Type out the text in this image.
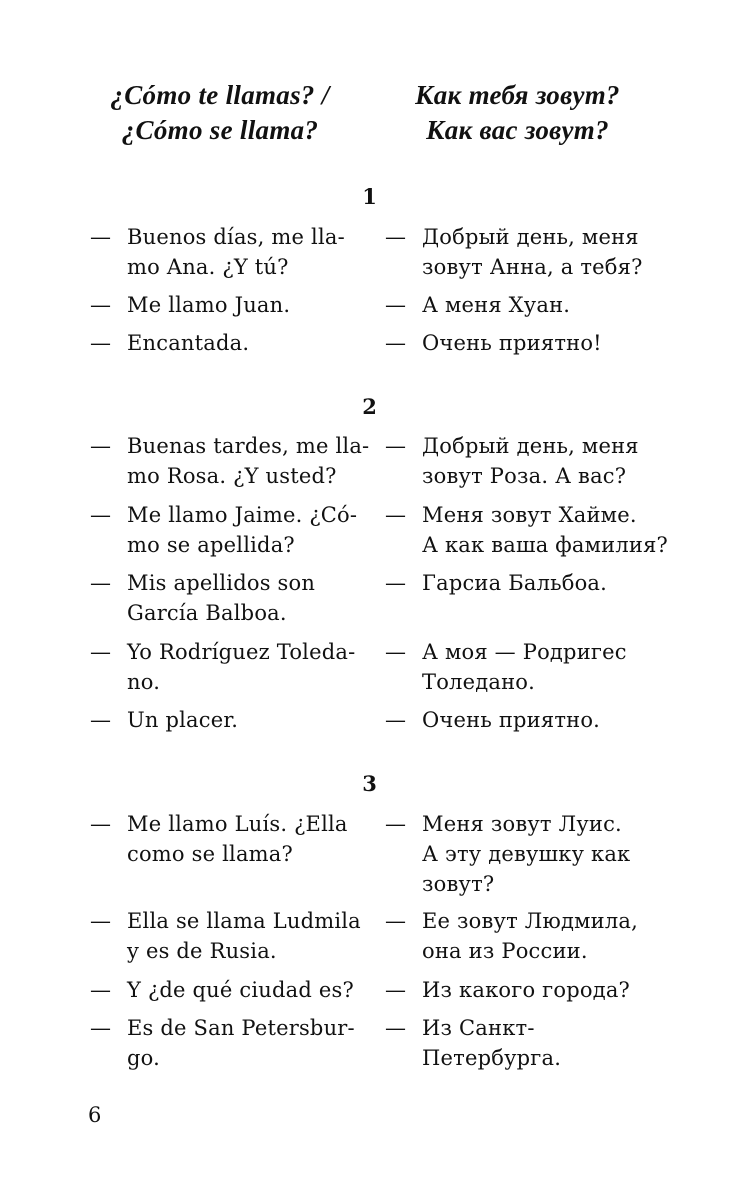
¿Cómo te llamas? /
¿Cómo se llama?
Как тебя зовут?
Как вас зовут?
1
— Buenos días, me lla-
mo Ana. ¿Y tú?
— Добрый день, меня
зовут Анна, а тебя?
— Me llamo Juan.	— А меня Хуан.
— Encantada.	— Очень приятно!
2
— Buenas tardes, me lla-
mo Rosa. ¿Y usted?
— Добрый день, меня
зовут Роза. А вас?
— Me llamo Jaime. ¿Có-
mo se apellida?
— Меня зовут Хайме.
А как ваша фамилия?
— Mis apellidos son
García Balboa.
— Гарсиа Бальбоа.
— Yo Rodríguez Toleda-
no.
— А моя — Родригес
Толедано.
— Un placer.	— Очень приятно.
3
— Me llamo Luís. ¿Ella
como se llama?
— Меня зовут Луис.
А эту девушку как
зовут?
— Ella se llama Ludmila
y es de Rusia.
— Ее зовут Людмила,
она из России.
— Y ¿de qué ciudad es? — Из какого города?
— Es de San Petersbur-
go.
— Из Санкт-
Петербурга.
6
